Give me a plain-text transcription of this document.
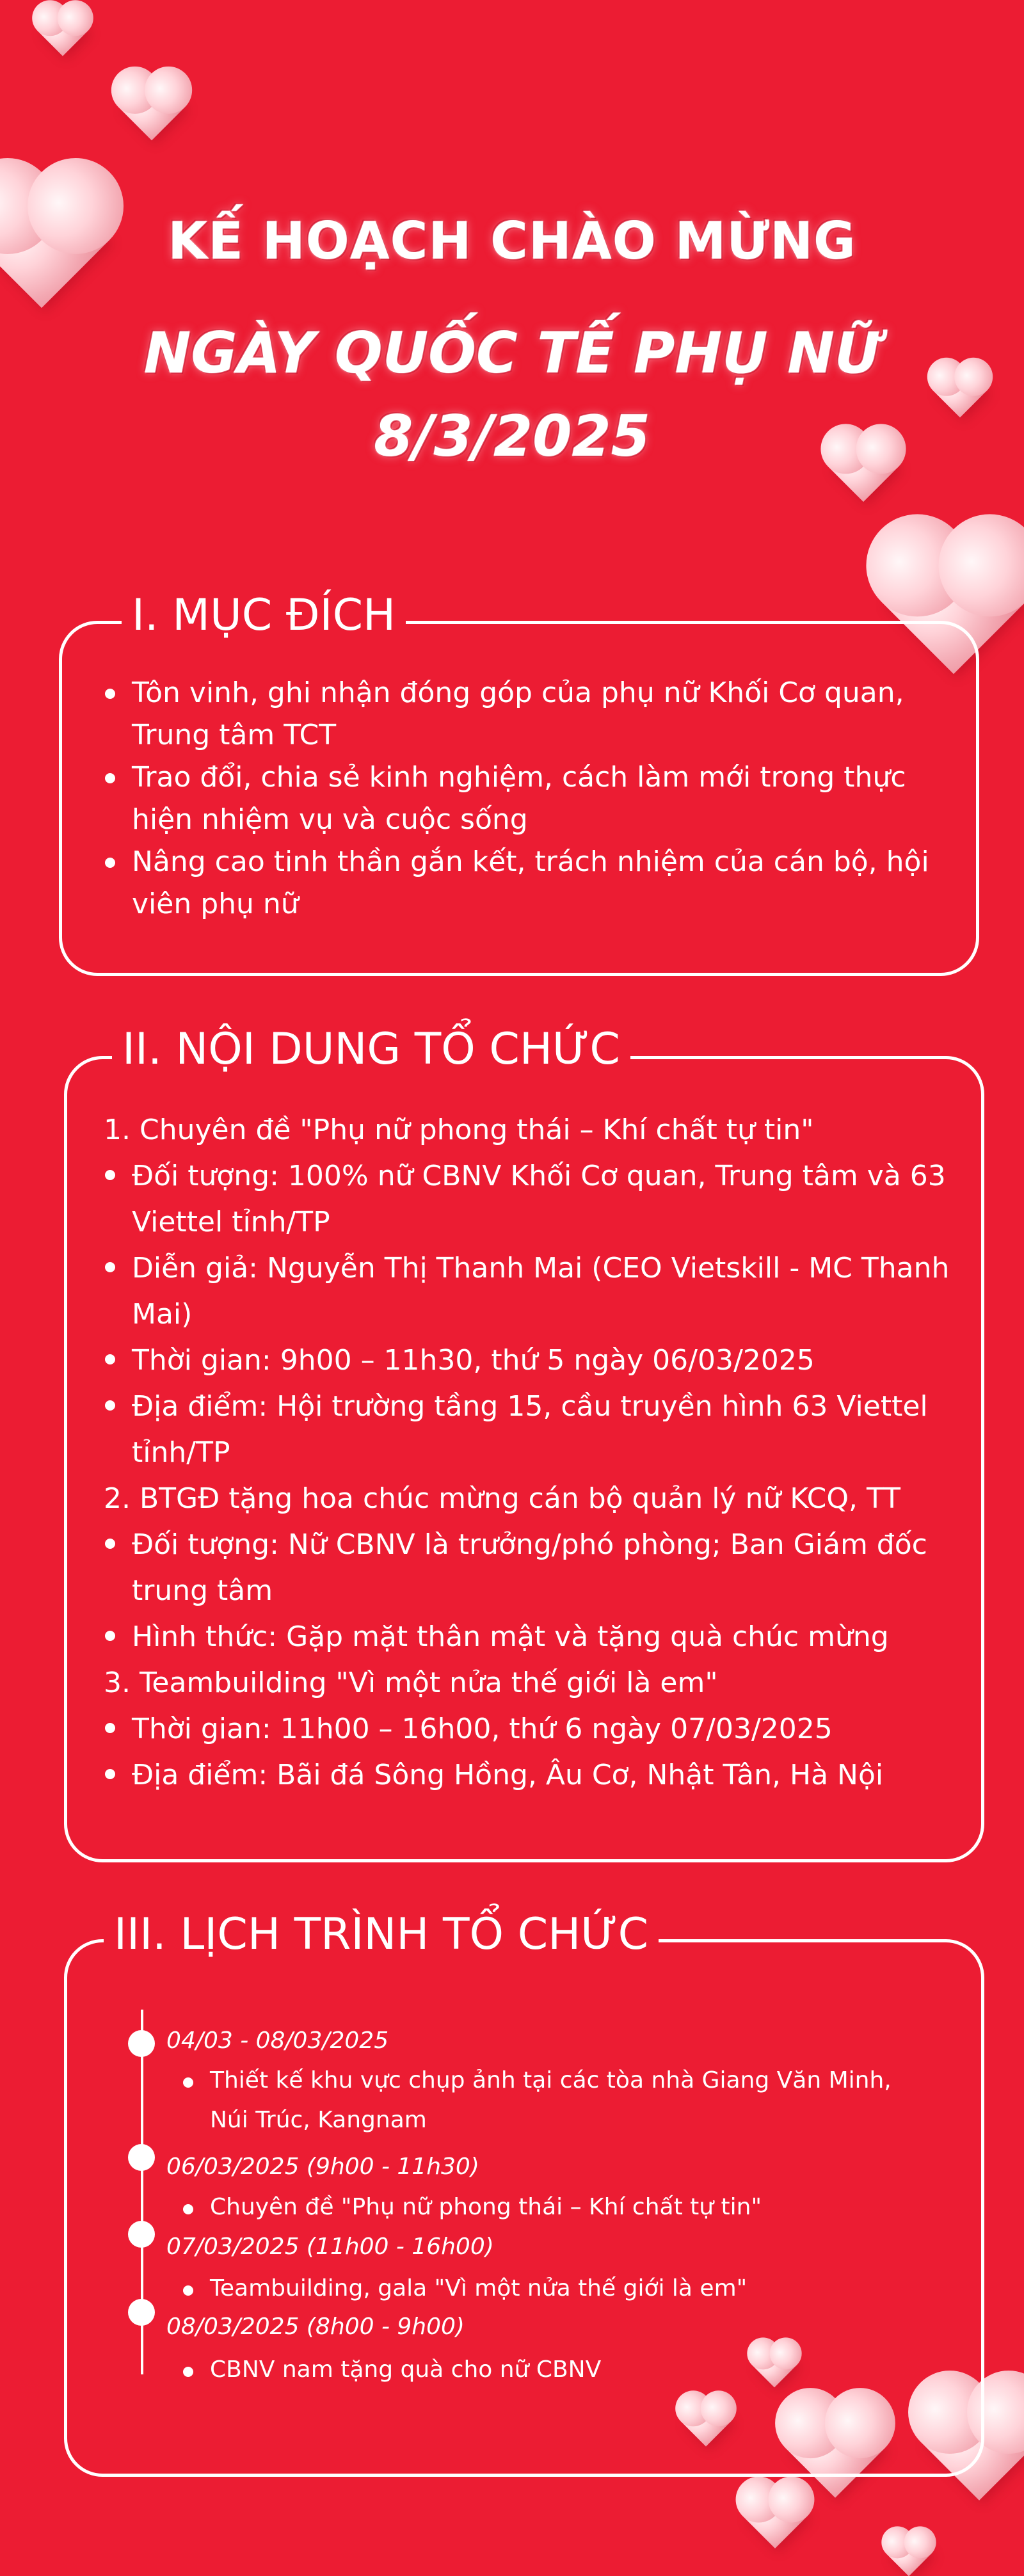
KẾ HOẠCH CHÀO MỪNG
NGÀY QUỐC TẾ PHỤ NỮ
8/3/2025
I. MỤC ĐÍCH
Tôn vinh, ghi nhận đóng góp của phụ nữ Khối Cơ quan, Trung tâm TCT
Trao đổi, chia sẻ kinh nghiệm, cách làm mới trong thực hiện nhiệm vụ và cuộc sống
Nâng cao tinh thần gắn kết, trách nhiệm của cán bộ, hội viên phụ nữ
II. NỘI DUNG TỔ CHỨC
1. Chuyên đề "Phụ nữ phong thái – Khí chất tự tin"
Đối tượng: 100% nữ CBNV Khối Cơ quan, Trung tâm và 63 Viettel tỉnh/TP
Diễn giả: Nguyễn Thị Thanh Mai (CEO Vietskill - MC Thanh Mai)
Thời gian: 9h00 – 11h30, thứ 5 ngày 06/03/2025
Địa điểm: Hội trường tầng 15, cầu truyền hình 63 Viettel tỉnh/TP
2. BTGĐ tặng hoa chúc mừng cán bộ quản lý nữ KCQ, TT
Đối tượng: Nữ CBNV là trưởng/phó phòng; Ban Giám đốc trung tâm
Hình thức: Gặp mặt thân mật và tặng quà chúc mừng
3. Teambuilding "Vì một nửa thế giới là em"
Thời gian: 11h00 – 16h00, thứ 6 ngày 07/03/2025
Địa điểm: Bãi đá Sông Hồng, Âu Cơ, Nhật Tân, Hà Nội
III. LỊCH TRÌNH TỔ CHỨC
04/03 - 08/03/2025
Thiết kế khu vực chụp ảnh tại các tòa nhà Giang Văn Minh, Núi Trúc, Kangnam
06/03/2025 (9h00 - 11h30)
Chuyên đề "Phụ nữ phong thái – Khí chất tự tin"
07/03/2025 (11h00 - 16h00)
Teambuilding, gala "Vì một nửa thế giới là em"
08/03/2025 (8h00 - 9h00)
CBNV nam tặng quà cho nữ CBNV
